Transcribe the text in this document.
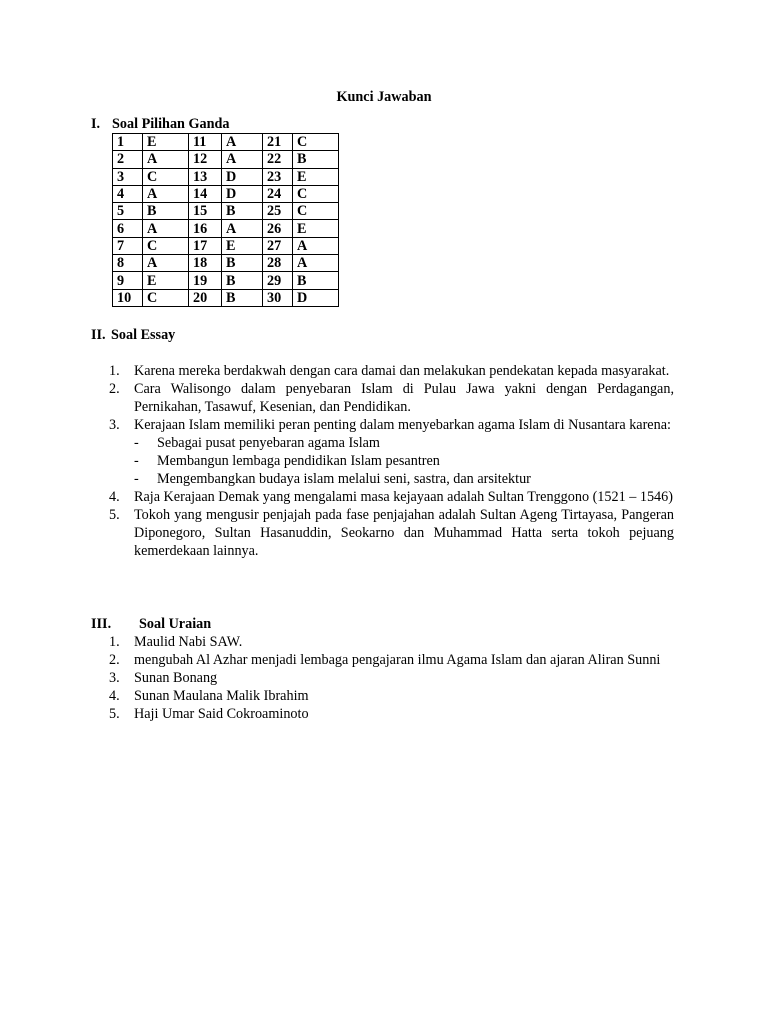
Kunci Jawaban
I. Soal Pilihan Ganda
1	E	11	A	21	C
2	A	12	A	22	B
3	C	13	D	23	E
4	A	14	D	24	C
5	B	15	B	25	C
6	A	16	A	26	E
7	C	17	E	27	A
8	A	18	B	28	A
9	E	19	B	29	B
10	C	20	B	30	D
II. Soal Essay
1.	Karena mereka berdakwah dengan cara damai dan melakukan pendekatan kepada masyarakat.
2.	Cara Walisongo dalam penyebaran Islam di Pulau Jawa yakni dengan Perdagangan, Pernikahan, Tasawuf, Kesenian, dan Pendidikan.
3.	Kerajaan Islam memiliki peran penting dalam menyebarkan agama Islam di Nusantara karena:
- Sebagai pusat penyebaran agama Islam
- Membangun lembaga pendidikan Islam pesantren
- Mengembangkan budaya islam melalui seni, sastra, dan arsitektur
4.	Raja Kerajaan Demak yang mengalami masa kejayaan adalah Sultan Trenggono (1521 – 1546)
5.	Tokoh yang mengusir penjajah pada fase penjajahan adalah Sultan Ageng Tirtayasa, Pangeran Diponegoro, Sultan Hasanuddin, Seokarno dan Muhammad Hatta serta tokoh pejuang kemerdekaan lainnya.
III. Soal Uraian
1.	Maulid Nabi SAW.
2.	mengubah Al Azhar menjadi lembaga pengajaran ilmu Agama Islam dan ajaran Aliran Sunni
3.	Sunan Bonang
4.	Sunan Maulana Malik Ibrahim
5.	Haji Umar Said Cokroaminoto
